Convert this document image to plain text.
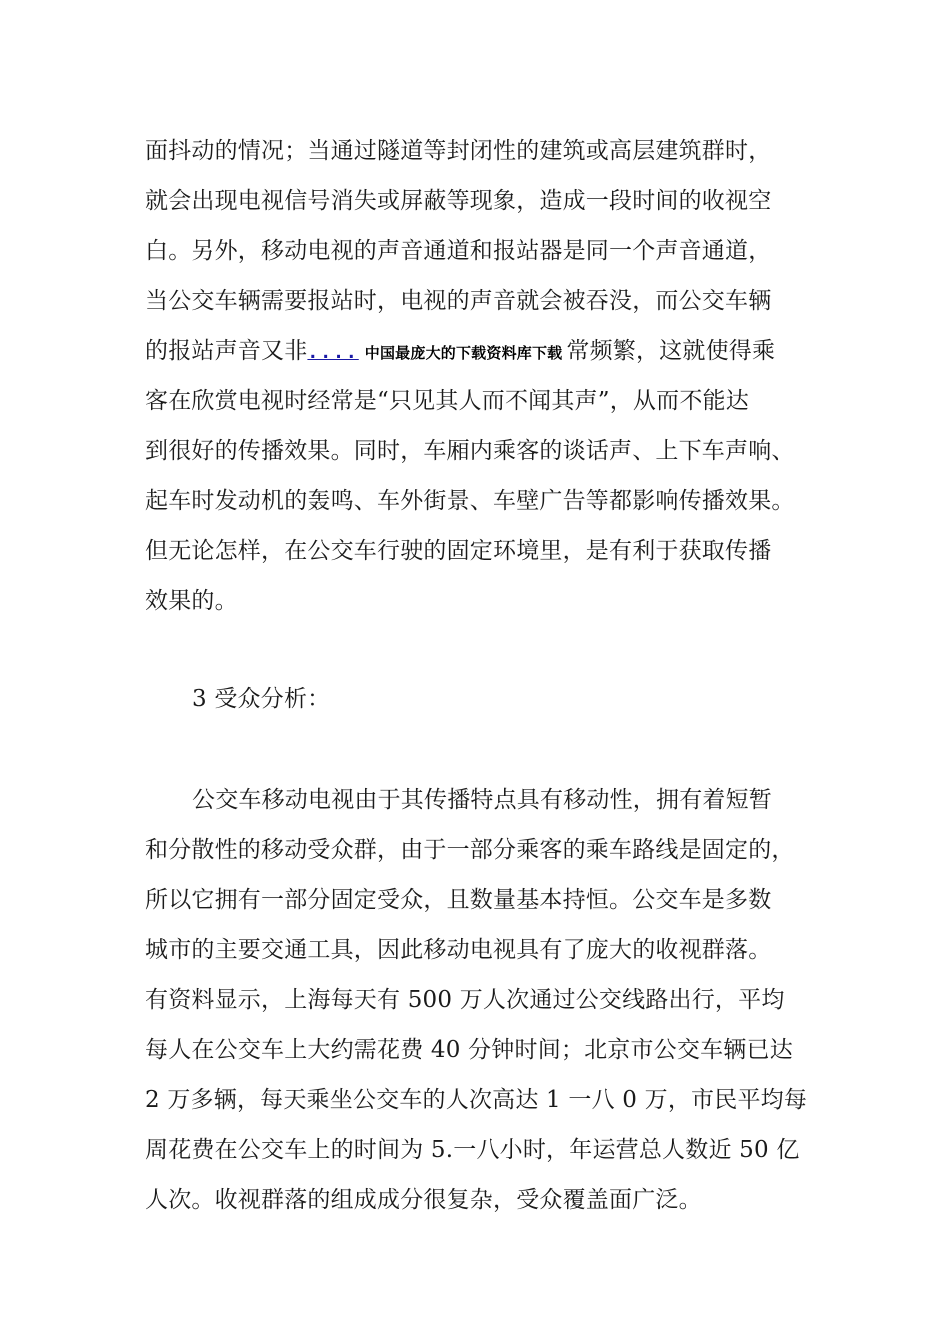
面抖动的情况；当通过隧道等封闭性的建筑或高层建筑群时，
就会出现电视信号消失或屏蔽等现象，造成一段时间的收视空
白。另外，移动电视的声音通道和报站器是同一个声音通道，
当公交车辆需要报站时，电视的声音就会被吞没，而公交车辆
的报站声音又非.... 中国最庞大的下载资料库下载 常频繁，这就使得乘
客在欣赏电视时经常是“只见其人而不闻其声”，从而不能达
到很好的传播效果。同时，车厢内乘客的谈话声、上下车声响、
起车时发动机的轰鸣、车外街景、车壁广告等都影响传播效果。
但无论怎样，在公交车行驶的固定环境里，是有利于获取传播
效果的。
3 受众分析：
公交车移动电视由于其传播特点具有移动性，拥有着短暂
和分散性的移动受众群，由于一部分乘客的乘车路线是固定的，
所以它拥有一部分固定受众，且数量基本持恒。公交车是多数
城市的主要交通工具，因此移动电视具有了庞大的收视群落。
有资料显示，上海每天有 500 万人次通过公交线路出行，平均
每人在公交车上大约需花费 40 分钟时间；北京市公交车辆已达
2 万多辆，每天乘坐公交车的人次高达 1 一八 0 万，市民平均每
周花费在公交车上的时间为 5.一八小时，年运营总人数近 50 亿
人次。收视群落的组成成分很复杂，受众覆盖面广泛。
